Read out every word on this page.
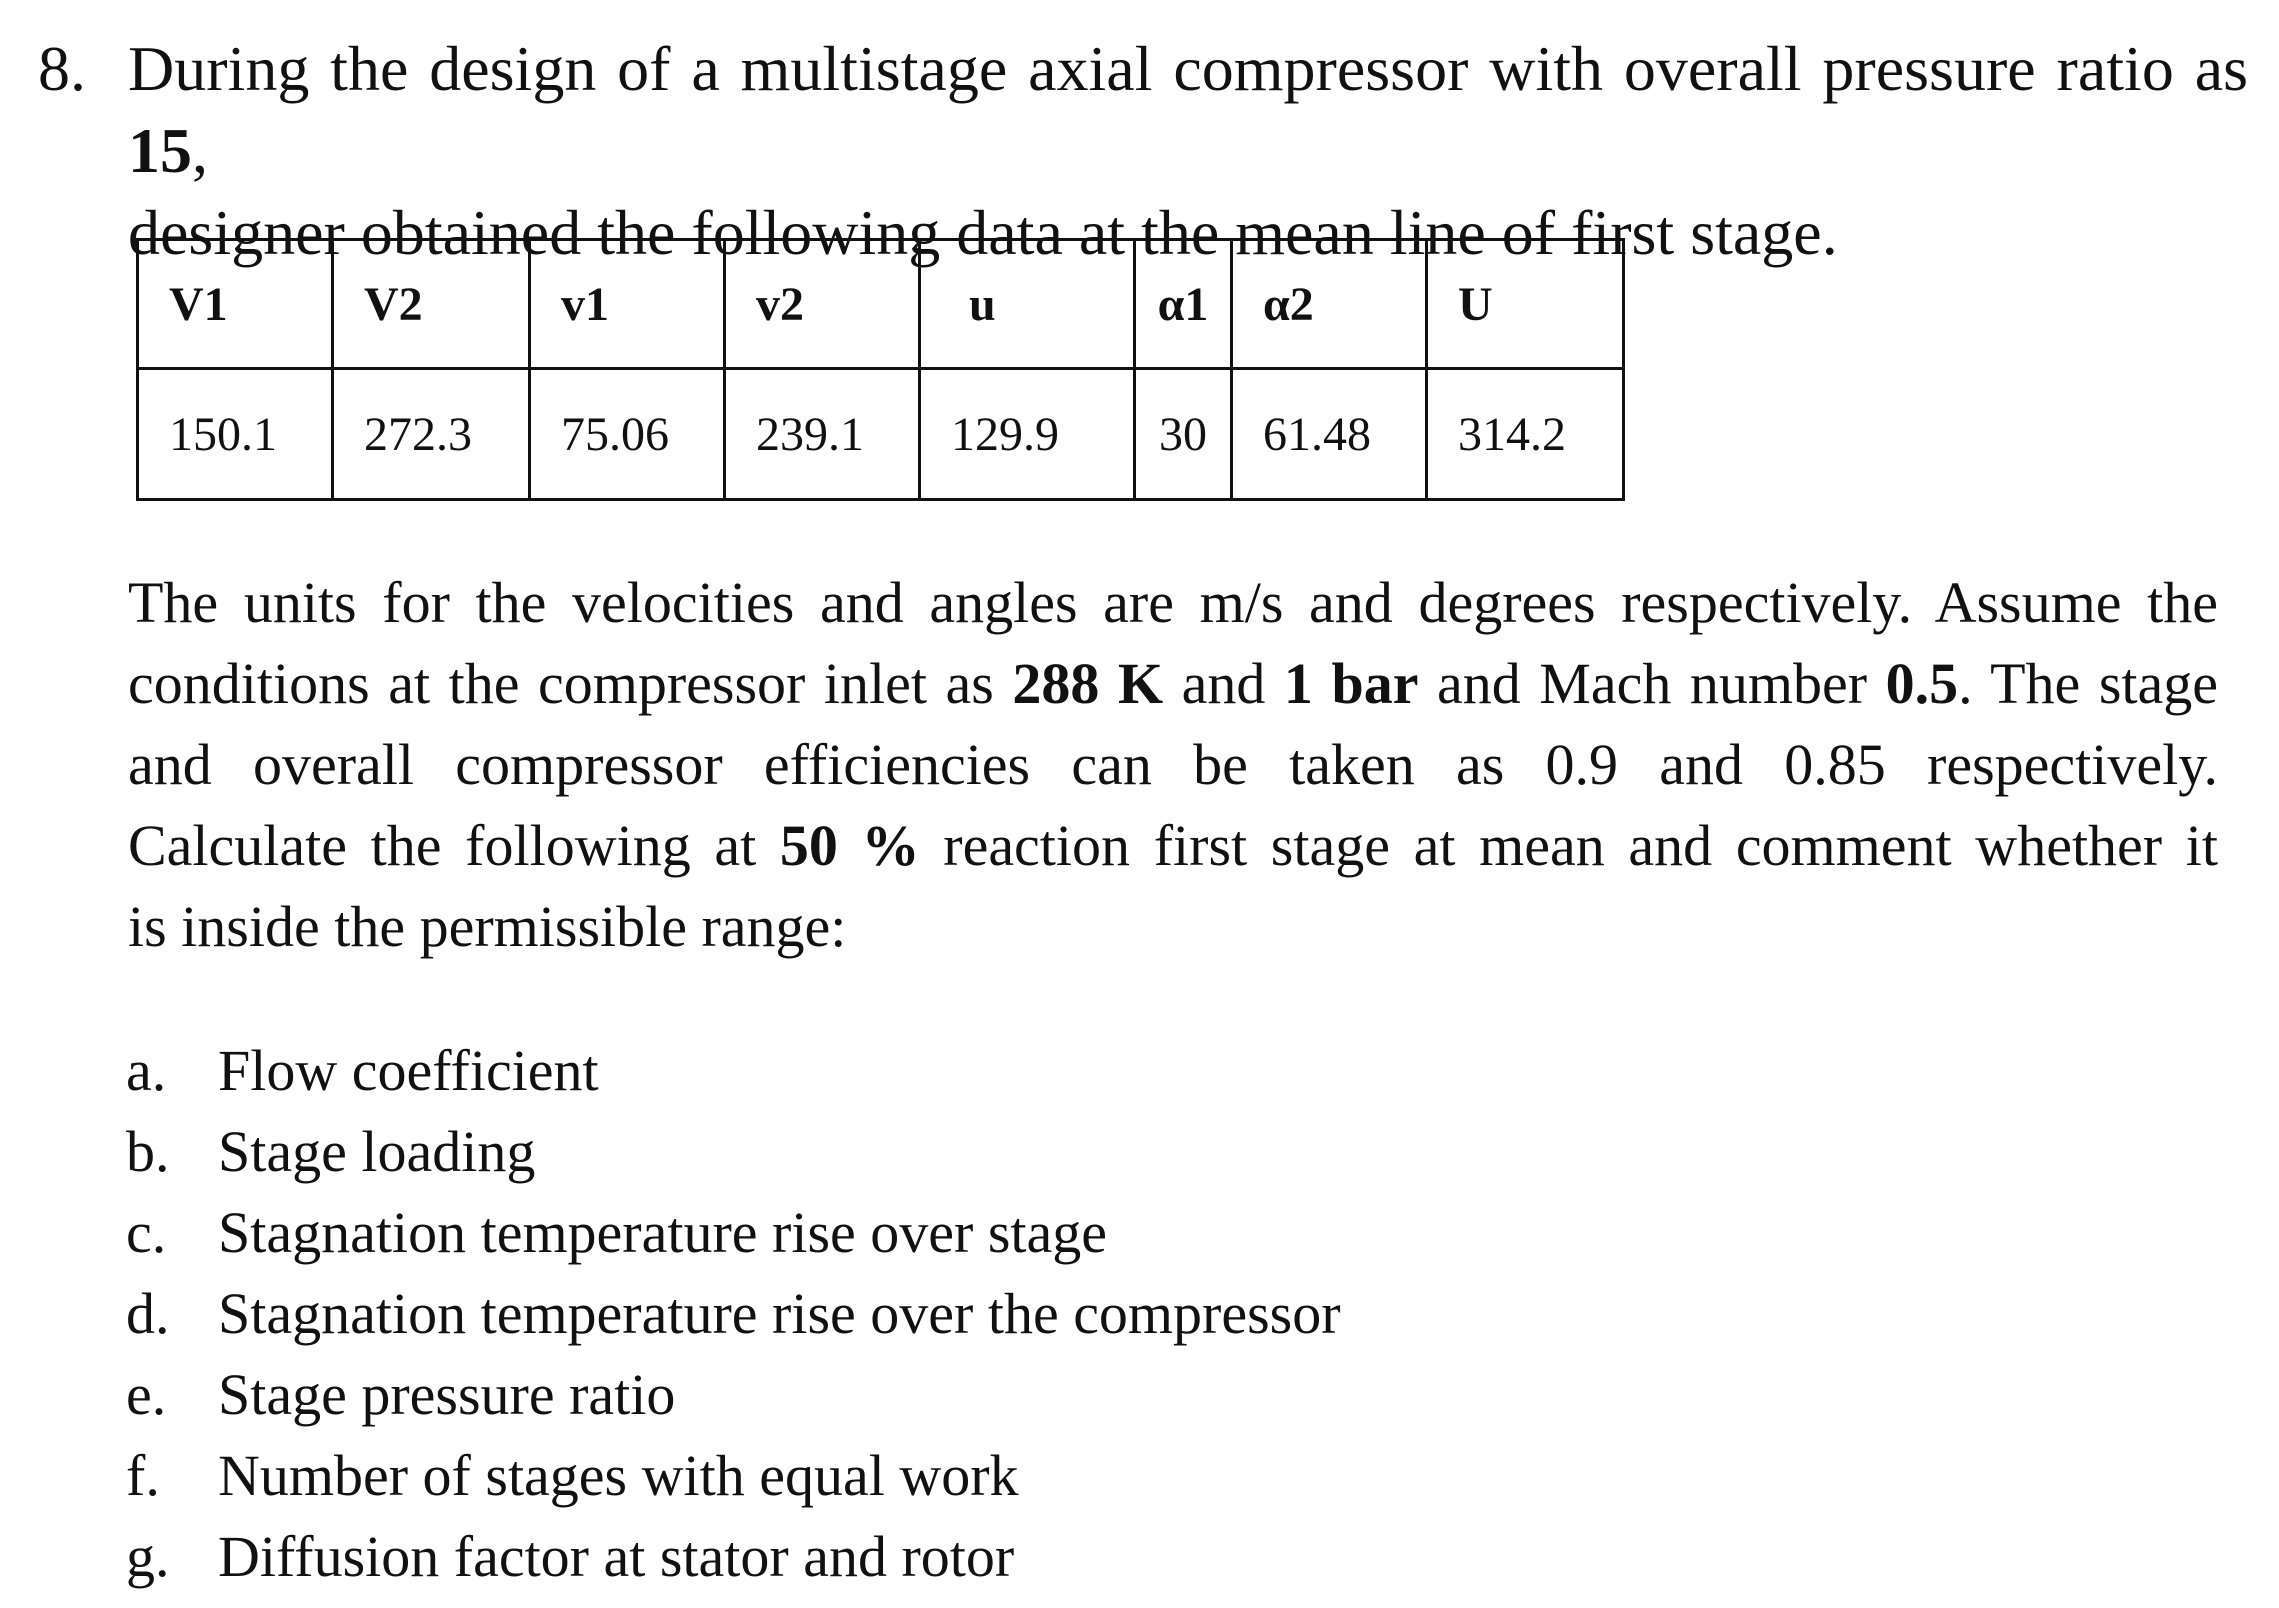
8. During the design of a multistage axial compressor with overall pressure ratio as 15,
designer obtained the following data at the mean line of first stage.
V1	V2	v1	v2	u	α1	α2	U
150.1	272.3	75.06	239.1	129.9	30	61.48	314.2
The units for the velocities and angles are m/s and degrees respectively. Assume the
conditions at the compressor inlet as 288 K and 1 bar and Mach number 0.5. The stage
and overall compressor efficiencies can be taken as 0.9 and 0.85 respectively.
Calculate the following at 50 % reaction first stage at mean and comment whether it
is inside the permissible range:
a. Flow coefficient
b. Stage loading
c. Stagnation temperature rise over stage
d. Stagnation temperature rise over the compressor
e. Stage pressure ratio
f.	Number of stages with equal work
g. Diffusion factor at stator and rotor
